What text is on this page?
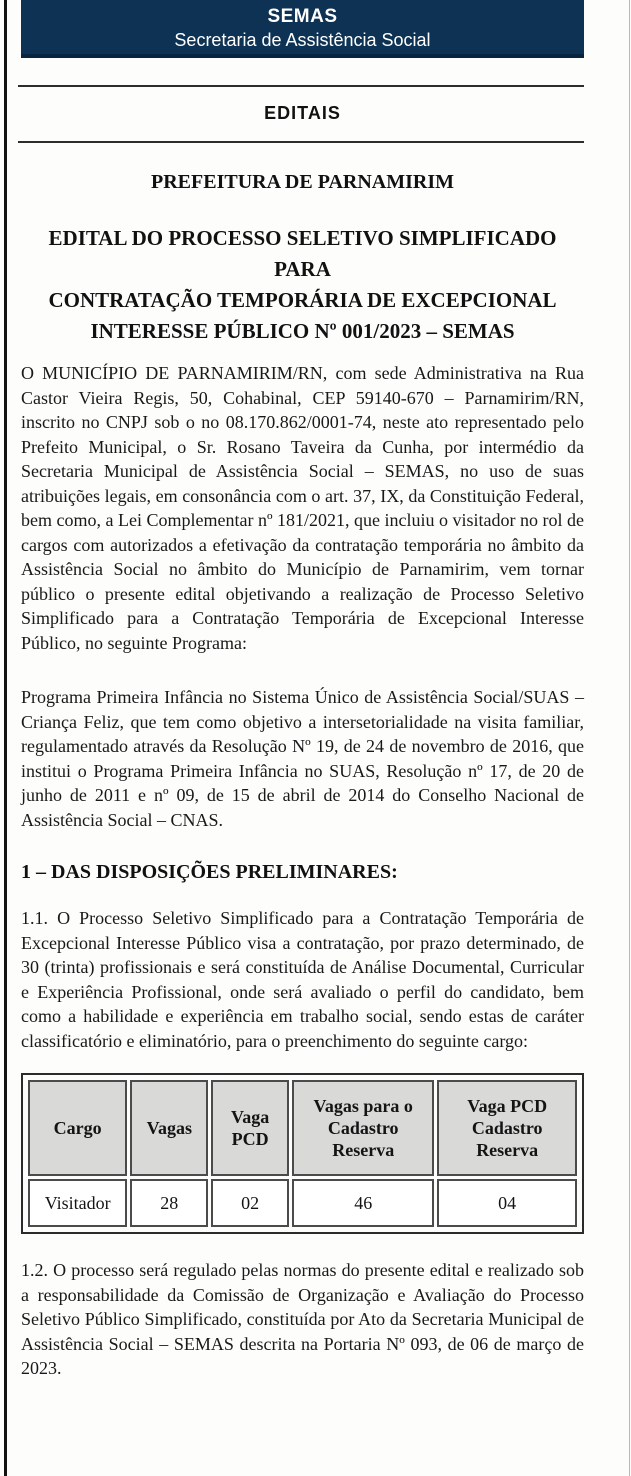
SEMAS
Secretaria de Assistência Social
EDITAIS
PREFEITURA DE PARNAMIRIM
EDITAL DO PROCESSO SELETIVO SIMPLIFICADO PARA
CONTRATAÇÃO TEMPORÁRIA DE EXCEPCIONAL
INTERESSE PÚBLICO Nº 001/2023 – SEMAS

O MUNICÍPIO DE PARNAMIRIM/RN, com sede Administrativa na Rua Castor Vieira Regis, 50, Cohabinal, CEP 59140-670 – Parnamirim/RN, inscrito no CNPJ sob o no 08.170.862/0001-74, neste ato representado pelo Prefeito Municipal, o Sr. Rosano Taveira da Cunha, por intermédio da Secretaria Municipal de Assistência Social – SEMAS, no uso de suas atribuições legais, em consonância com o art. 37, IX, da Constituição Federal, bem como, a Lei Complementar nº 181/2021, que incluiu o visitador no rol de cargos com autorizados a efetivação da contratação temporária no âmbito da Assistência Social no âmbito do Município de Parnamirim, vem tornar público o presente edital objetivando a realização de Processo Seletivo Simplificado para a Contratação Temporária de Excepcional Interesse Público, no seguinte Programa:

Programa Primeira Infância no Sistema Único de Assistência Social/SUAS – Criança Feliz, que tem como objetivo a intersetorialidade na visita familiar, regulamentado através da Resolução Nº 19, de 24 de novembro de 2016, que institui o Programa Primeira Infância no SUAS, Resolução nº 17, de 20 de junho de 2011 e nº 09, de 15 de abril de 2014 do Conselho Nacional de Assistência Social – CNAS.

1 – DAS DISPOSIÇÕES PRELIMINARES:

1.1. O Processo Seletivo Simplificado para a Contratação Temporária de Excepcional Interesse Público visa a contratação, por prazo determinado, de 30 (trinta) profissionais e será constituída de Análise Documental, Curricular e Experiência Profissional, onde será avaliado o perfil do candidato, bem como a habilidade e experiência em trabalho social, sendo estas de caráter classificatório e eliminatório, para o preenchimento do seguinte cargo:

Cargo	Vagas	Vaga PCD	Vagas para o Cadastro Reserva	Vaga PCD Cadastro Reserva
Visitador	28	02	46	04

1.2. O processo será regulado pelas normas do presente edital e realizado sob a responsabilidade da Comissão de Organização e Avaliação do Processo Seletivo Público Simplificado, constituída por Ato da Secretaria Municipal de Assistência Social – SEMAS descrita na Portaria Nº 093, de 06 de março de 2023.
